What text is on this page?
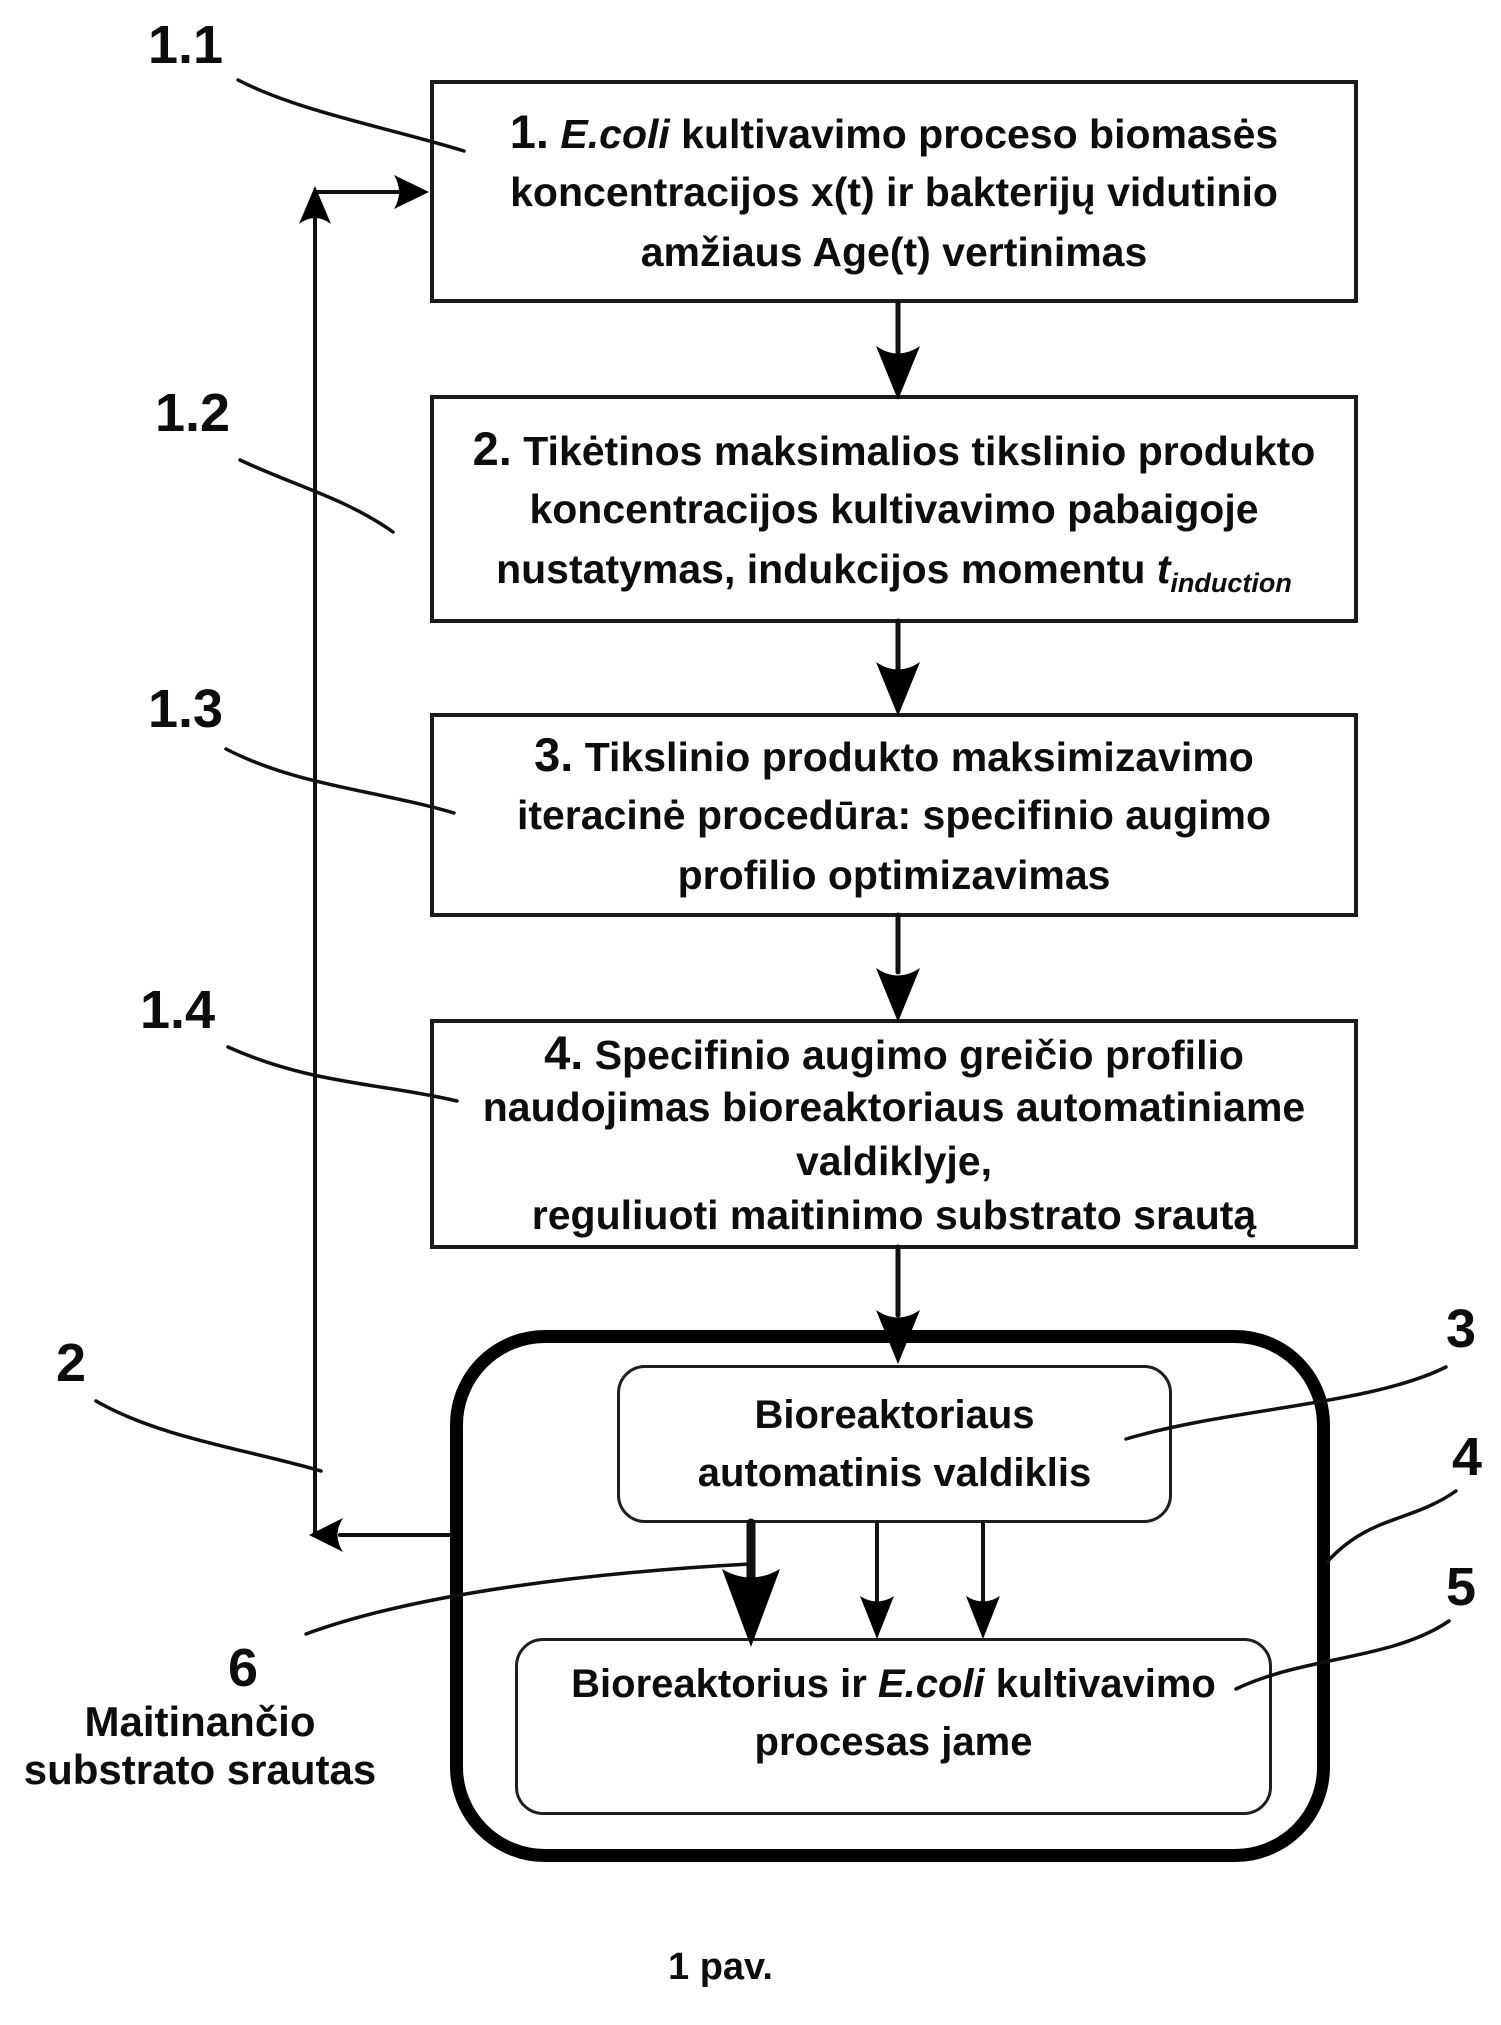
1. E.coli kultivavimo proceso biomasės
koncentracijos x(t) ir bakterijų vidutinio
amžiaus Age(t) vertinimas
2. Tikėtinos maksimalios tikslinio produkto
koncentracijos kultivavimo pabaigoje
nustatymas, indukcijos momentu $t_{induction}$
3. Tikslinio produkto maksimizavimo
iteracinė procedūra: specifinio augimo
profilio optimizavimas
4. Specifinio augimo greičio profilio
naudojimas bioreaktoriaus automatiniame
valdiklyje,
reguliuoti maitinimo substrato srautą
Bioreaktoriaus
automatinis valdiklis
Bioreaktorius ir E.coli kultivavimo
procesas jame
1.1
1.2
1.3
1.4
2
3
4
5
6
Maitinančio
substrato srautas
1 pav.
